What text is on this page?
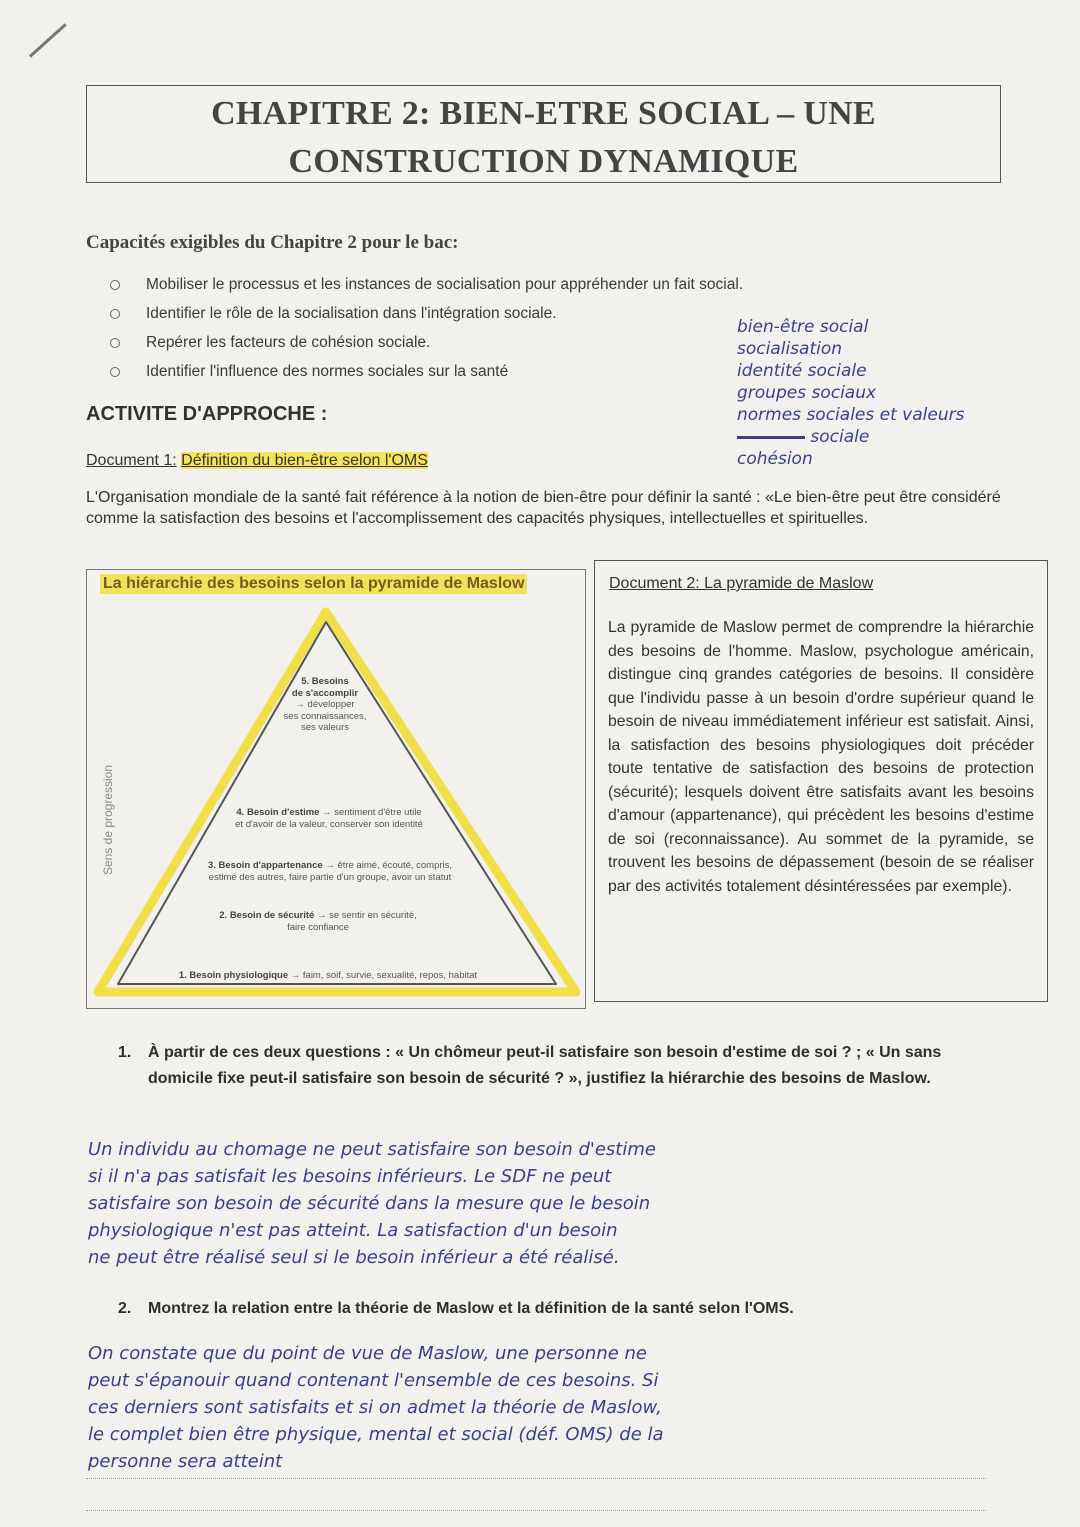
CHAPITRE 2: BIEN-ETRE SOCIAL – UNE
CONSTRUCTION DYNAMIQUE
Capacités exigibles du Chapitre 2 pour le bac:
Mobiliser le processus et les instances de socialisation pour appréhender un fait social.
Identifier le rôle de la socialisation dans l'intégration sociale.
Repérer les facteurs de cohésion sociale.
Identifier l'influence des normes sociales sur la santé
bien-être social
socialisation
identité sociale
groupes sociaux
normes sociales et valeurs
     sociale
cohésion
ACTIVITE D'APPROCHE :
Document 1: Définition du bien-être selon l'OMS
L'Organisation mondiale de la santé fait référence à la notion de bien-être pour définir la santé : «Le bien-être peut être considéré comme la satisfaction des besoins et l'accomplissement des capacités physiques, intellectuelles et spirituelles.
La hiérarchie des besoins selon la pyramide de Maslow
Sens de progression
5. Besoins
de s'accomplir
→ développer
ses connaissances,
ses valeurs
4. Besoin d'estime → sentiment d'être utile
et d'avoir de la valeur, conserver son identité
3. Besoin d'appartenance → être aimé, écouté, compris,
estimé des autres, faire partie d'un groupe, avoir un statut
2. Besoin de sécurité → se sentir en sécurité,
faire confiance
1. Besoin physiologique → faim, soif, survie, sexualité, repos, habitat
Document 2: La pyramide de Maslow
La pyramide de Maslow permet de comprendre la hiérarchie des besoins de l'homme. Maslow, psychologue américain, distingue cinq grandes catégories de besoins. Il considère que l'individu passe à un besoin d'ordre supérieur quand le besoin de niveau immédiatement inférieur est satisfait. Ainsi, la satisfaction des besoins physiologiques doit précéder toute tentative de satisfaction des besoins de protection (sécurité); lesquels doivent être satisfaits avant les besoins d'amour (appartenance), qui précèdent les besoins d'estime de soi (reconnaissance). Au sommet de la pyramide, se trouvent les besoins de dépassement (besoin de se réaliser par des activités totalement désintéressées par exemple).
1.	À partir de ces deux questions : « Un chômeur peut-il satisfaire son besoin d'estime de soi ? ; « Un sans domicile fixe peut-il satisfaire son besoin de sécurité ? », justifiez la hiérarchie des besoins de Maslow.
Un individu au chomage ne peut satisfaire son besoin d'estime
si il n'a pas satisfait les besoins inférieurs. Le SDF ne peut
satisfaire son besoin de sécurité dans la mesure que le besoin
physiologique n'est pas atteint. La satisfaction d'un besoin
ne peut être réalisé seul si le besoin inférieur a été réalisé.
2.	Montrez la relation entre la théorie de Maslow et la définition de la santé selon l'OMS.
On constate que du point de vue de Maslow, une personne ne
peut s'épanouir quand contenant l'ensemble de ces besoins. Si
ces derniers sont satisfaits et si on admet la théorie de Maslow,
le complet bien être physique, mental et social (déf. OMS) de la
personne sera atteint
